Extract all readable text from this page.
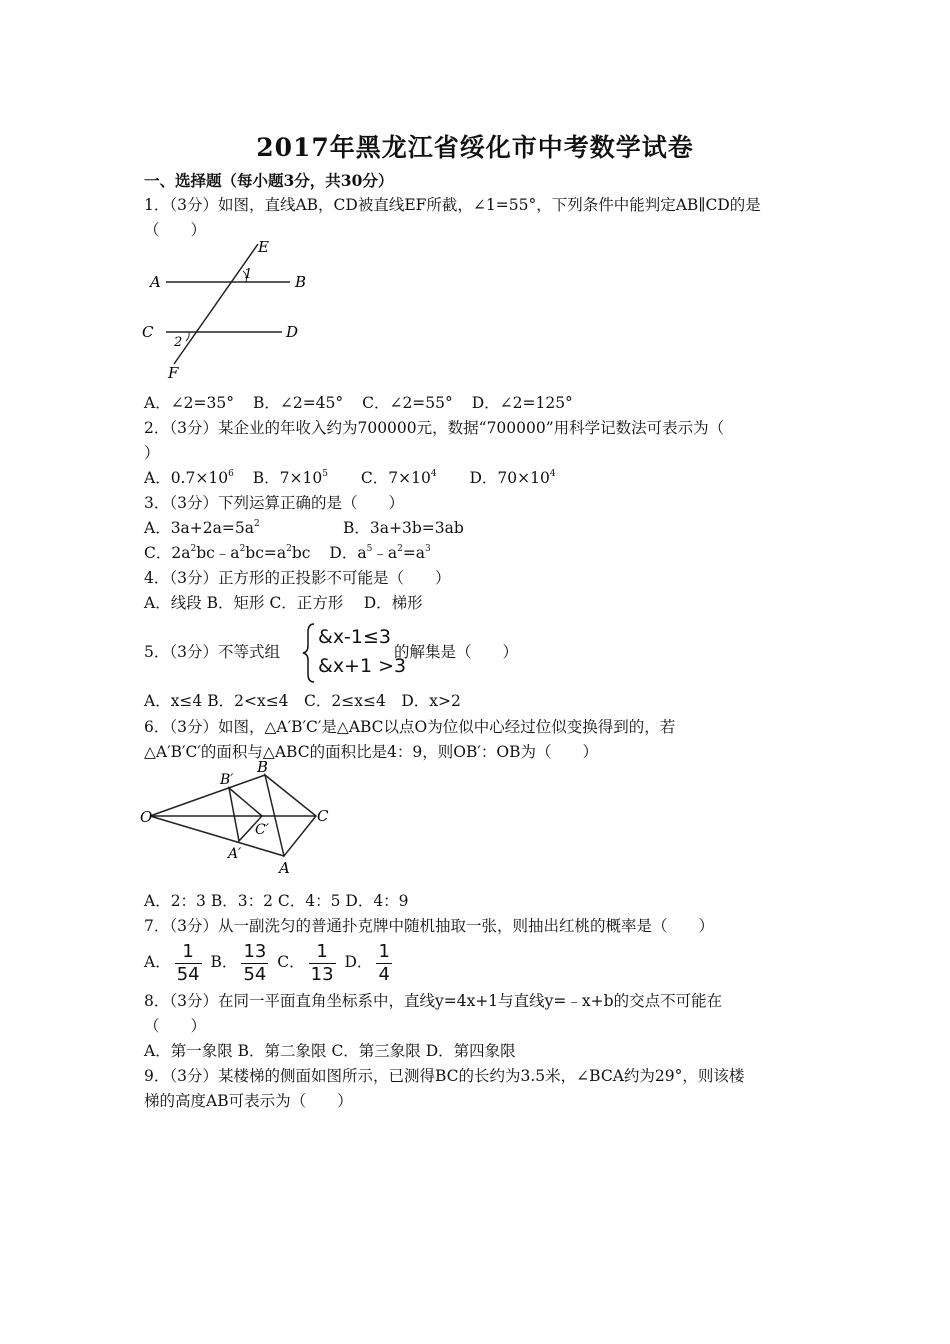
2017年黑龙江省绥化市中考数学试卷
一、选择题（每小题3分，共30分）
1．（3分）如图，直线AB，CD被直线EF所截，∠1=55°，下列条件中能判定AB∥CD的是
（　　）
E
A	B
1
C	D
2
F
A．∠2=35° B．∠2=45° C．∠2=55° D．∠2=125°
2．（3分）某企业的年收入约为700000元，数据“700000”用科学记数法可表示为（
）
A．$0.7\times 10^6$ B．$7\times 10^5$ C．$7\times 10^4$ D．$70\times 10^4$
3．（3分）下列运算正确的是（　　）
A．$3a+2a=5a^2$	B．3a+3b=3ab
C．$2a^2bc﹣a^2bc=a^2bc$ D．$a^5﹣a^2=a^3$
4．（3分）正方形的正投影不可能是（　　）
A．线段 B．矩形 C．正方形　 D．梯形
5．（3分）不等式组
&x-1≤3
&x+1 >3
的解集是（　　）
A．x≤4 B．2<x≤4　C．2≤x≤4　D．x>2
6．（3分）如图，△A′B′C′是△ABC以点O为位似中心经过位似变换得到的，若
△A′B′C′的面积与△ABC的面积比是4：9，则OB′：OB为（　　）
O
B′
B
C′
C
A′
A
A．2：3 B．3：2 C．4：5 D．4：9
7．（3分）从一副洗匀的普通扑克牌中随机抽取一张，则抽出红桃的概率是（　　）
A． $\frac{1}{54}$ B． $\frac{13}{54}$ C． $\frac{1}{13}$ D． $\frac{1}{4}$
8．（3分）在同一平面直角坐标系中，直线y=4x+1与直线y=﹣x+b的交点不可能在
（　　）
A．第一象限 B．第二象限 C．第三象限 D．第四象限
9．（3分）某楼梯的侧面如图所示，已测得BC的长约为3.5米，∠BCA约为29°，则该楼
梯的高度AB可表示为（　　）
